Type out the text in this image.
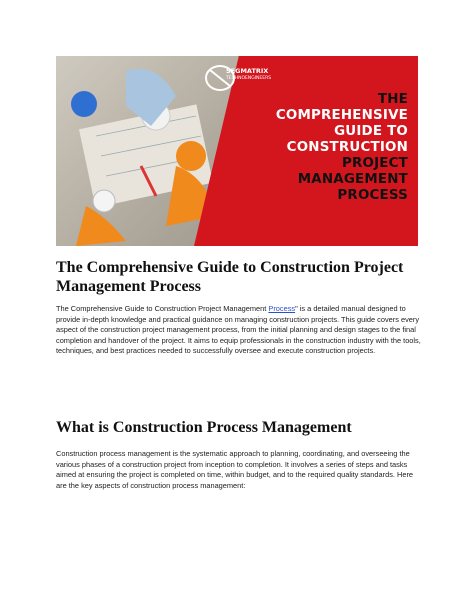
SEGMATRIX
TECHNOENGINEERS
THE
COMPREHENSIVE
GUIDE TO
CONSTRUCTION
PROJECT
MANAGEMENT
PROCESS
The Comprehensive Guide to Construction Project Management Process

The Comprehensive Guide to Construction Project Management Process" is a detailed manual designed to provide in-depth knowledge and practical guidance on managing construction projects. This guide covers every aspect of the construction project management process, from the initial planning and design stages to the final completion and handover of the project. It aims to equip professionals in the construction industry with the tools, techniques, and best practices needed to successfully oversee and execute construction projects.

What is Construction Process Management

Construction process management is the systematic approach to planning, coordinating, and overseeing the various phases of a construction project from inception to completion. It involves a series of steps and tasks aimed at ensuring the project is completed on time, within budget, and to the required quality standards. Here are the key aspects of construction process management:
